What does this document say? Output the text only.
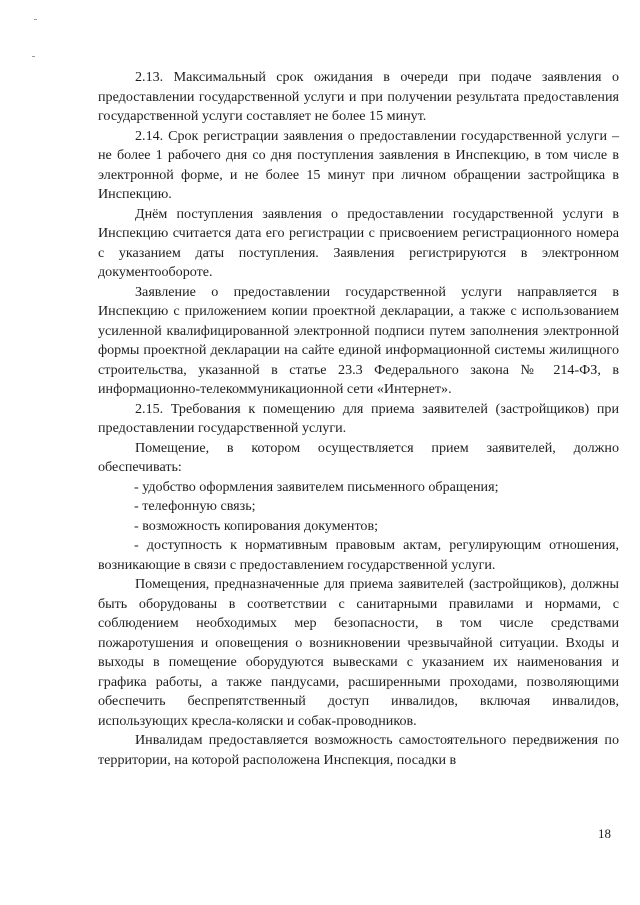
2.13. Максимальный срок ожидания в очереди при подаче заявления о предоставлении государственной услуги и при получении результата предоставления государственной услуги составляет не более 15 минут.

2.14. Срок регистрации заявления о предоставлении государственной услуги – не более 1 рабочего дня со дня поступления заявления в Инспекцию, в том числе в электронной форме, и не более 15 минут при личном обращении застройщика в Инспекцию.

Днём поступления заявления о предоставлении государственной услуги в Инспекцию считается дата его регистрации с присвоением регистрационного номера с указанием даты поступления. Заявления регистрируются в электронном документообороте.

Заявление о предоставлении государственной услуги направляется в Инспекцию с приложением копии проектной декларации, а также с использованием усиленной квалифицированной электронной подписи путем заполнения электронной формы проектной декларации на сайте единой информационной системы жилищного строительства, указанной в статье 23.3 Федерального закона № 214-ФЗ, в информационно-телекоммуникационной сети «Интернет».

2.15. Требования к помещению для приема заявителей (застройщиков) при предоставлении государственной услуги.

Помещение, в котором осуществляется прием заявителей, должно обеспечивать:

- удобство оформления заявителем письменного обращения;

- телефонную связь;

- возможность копирования документов;

- доступность к нормативным правовым актам, регулирующим отношения, возникающие в связи с предоставлением государственной услуги.

Помещения, предназначенные для приема заявителей (застройщиков), должны быть оборудованы в соответствии с санитарными правилами и нормами, с соблюдением необходимых мер безопасности, в том числе средствами пожаротушения и оповещения о возникновении чрезвычайной ситуации. Входы и выходы в помещение оборудуются вывесками с указанием их наименования и графика работы, а также пандусами, расширенными проходами, позволяющими обеспечить беспрепятственный доступ инвалидов, включая инвалидов, использующих кресла-коляски и собак-проводников.

Инвалидам предоставляется возможность самостоятельного передвижения по территории, на которой расположена Инспекция, посадки в

18
